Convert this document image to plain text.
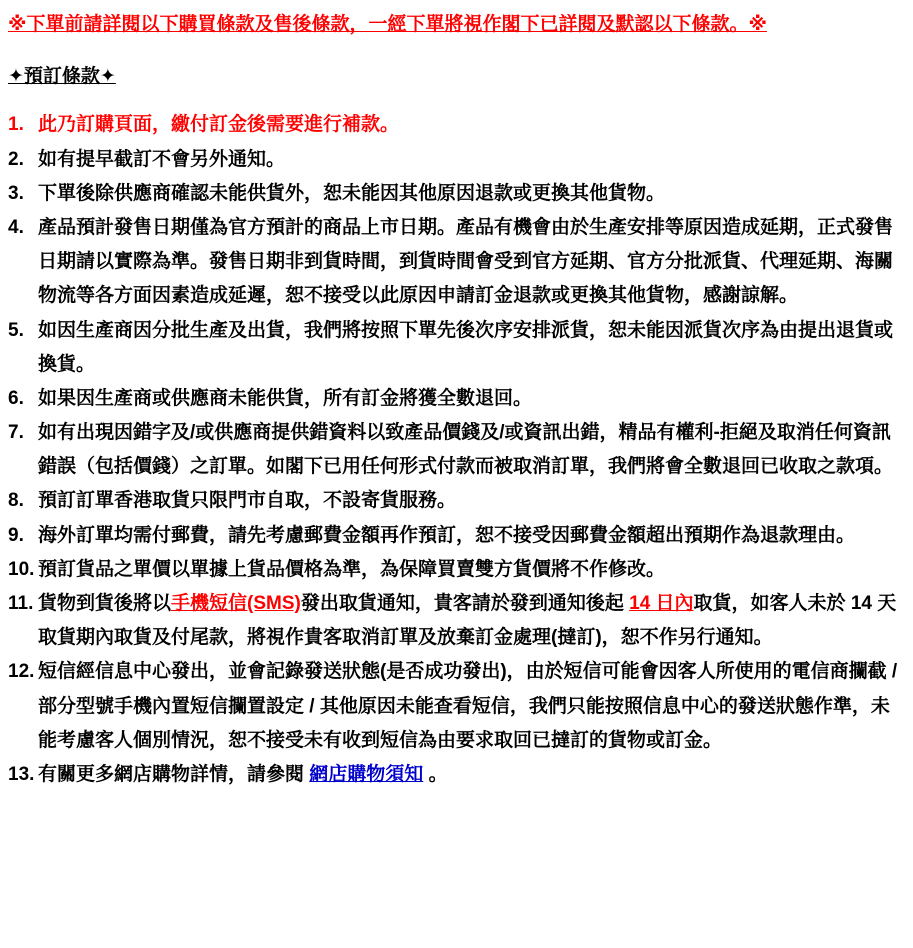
※下單前請詳閱以下購買條款及售後條款，一經下單將視作閣下已詳閱及默認以下條款。※
✦預訂條款✦
1. 此乃訂購頁面，繳付訂金後需要進行補款。
2. 如有提早截訂不會另外通知。
3. 下單後除供應商確認未能供貨外，恕未能因其他原因退款或更換其他貨物。
4. 產品預計發售日期僅為官方預計的商品上市日期。產品有機會由於生產安排等原因造成延期，正式發售日期請以實際為準。發售日期非到貨時間，到貨時間會受到官方延期、官方分批派貨、代理延期、海關物流等各方面因素造成延遲，恕不接受以此原因申請訂金退款或更換其他貨物，感謝諒解。
5. 如因生產商因分批生產及出貨，我們將按照下單先後次序安排派貨，恕未能因派貨次序為由提出退貨或換貨。
6. 如果因生產商或供應商未能供貨，所有訂金將獲全數退回。
7. 如有出現因錯字及/或供應商提供錯資料以致產品價錢及/或資訊出錯，精品有權利-拒絕及取消任何資訊錯誤（包括價錢）之訂單。如閣下已用任何形式付款而被取消訂單，我們將會全數退回已收取之款項。
8. 預訂訂單香港取貨只限門市自取，不設寄貨服務。
9. 海外訂單均需付郵費，請先考慮郵費金額再作預訂，恕不接受因郵費金額超出預期作為退款理由。
10. 預訂貨品之單價以單據上貨品價格為準，為保障買賣雙方貨價將不作修改。
11. 貨物到貨後將以手機短信(SMS)發出取貨通知，貴客請於發到通知後起 14 日內取貨，如客人未於 14 天取貨期內取貨及付尾款，將視作貴客取消訂單及放棄訂金處理(撻訂)，恕不作另行通知。
12. 短信經信息中心發出，並會記錄發送狀態(是否成功發出)，由於短信可能會因客人所使用的電信商攔截 / 部分型號手機內置短信攔置設定 / 其他原因未能查看短信，我們只能按照信息中心的發送狀態作準，未能考慮客人個別情況，恕不接受未有收到短信為由要求取回已撻訂的貨物或訂金。
13. 有關更多網店購物詳情，請參閱 網店購物須知 。
